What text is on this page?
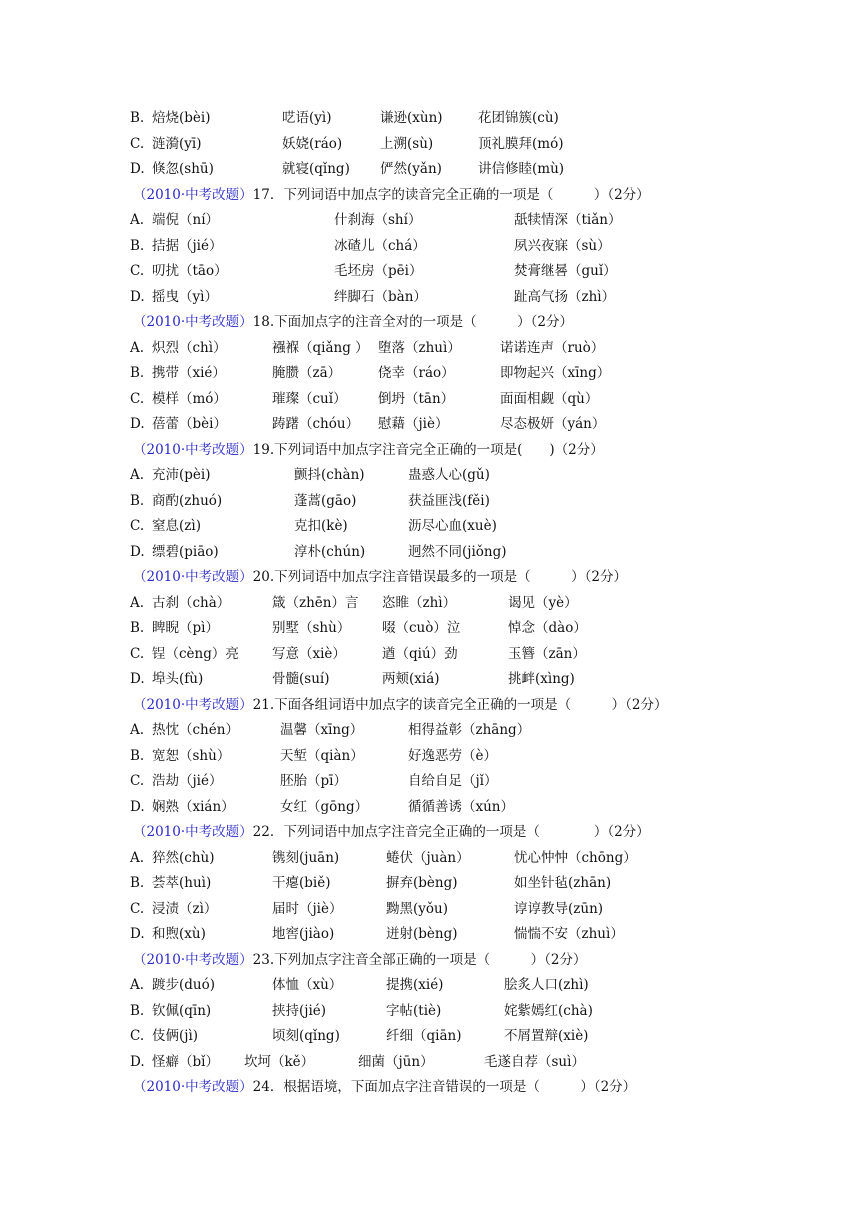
B. 焙烧(bèi)	呓语(yì)	谦逊(xùn)	花团锦簇(cù)
C. 涟漪(yī)	妖娆(ráo)	上溯(sù)	顶礼膜拜(mó)
D. 倏忽(shū)	就寝(qǐng) 俨然(yǎn)	讲信修睦(mù)
（2010·中考改题）17．下列词语中加点字的读音完全正确的一项是（　　　）（2分）
A. 端倪（ní）	什刹海（shí）	舐犊情深（tiǎn）
B. 拮据（jié）	冰碴儿（chá）	夙兴夜寐（sù）
C. 叨扰（tāo）	毛坯房（pēi）	焚膏继晷（guǐ）
D. 摇曳（yì）	绊脚石（bàn）	趾高气扬（zhì）
（2010·中考改题）18.下面加点字的注音全对的一项是（　　　）（2分）
A. 炽烈（chì）	襁褓（qiǎng ） 堕落（zhuì）	诺诺连声（ruò）
B. 携带（xié）	腌臜（zā）	侥幸（ráo）	即物起兴（xīng）
C. 模样（mó）	璀璨（cuǐ） 倒坍（tān）	面面相觑（qù）
D. 蓓蕾（bèi）	踌躇（chóu） 慰藉（jiè）	尽态极妍（yán）
（2010·中考改题）19.下列词语中加点字注音完全正确的一项是(　　)（2分）
A. 充沛(pèi)	颤抖(chàn)	蛊惑人心(gǔ)
B. 商酌(zhuó)	蓬蒿(gāo)	获益匪浅(fěi)
C. 窒息(zì)	克扣(kè)	沥尽心血(xuè)
D. 缥碧(piāo)	淳朴(chún)	迥然不同(jiǒng)
（2010·中考改题）20.下列词语中加点字注音错误最多的一项是（　　　）（2分）
A. 古刹（chà）	箴（zhēn）言 恣睢（zhì）	谒见（yè）
B. 睥睨（pì）	别墅（shù） 啜（cuò）泣	悼念（dào）
C. 锃（cèng）亮 写意（xiè）	遒（qiú）劲	玉簪（zān）
D. 埠头(fù)	骨髓(suí)	两颊(xiá)	挑衅(xìng)
（2010·中考改题）21.下面各组词语中加点字的读音完全正确的一项是（　　　）（2分）
A. 热忱（chén）	温馨（xīng）	相得益彰（zhāng）
B. 宽恕（shù）	天堑（qiàn）	好逸恶劳（è）
C. 浩劫（jié）	胚胎（pī）	自给自足（jǐ）
D. 娴熟（xián）	女红（gōng）	循循善诱（xún）
（2010·中考改题）22．下列词语中加点字注音完全正确的一项是（　　　　）（2分）
A. 猝然(chù)	镌刻(juān)	蜷伏（juàn）	忧心忡忡（chōng）
B. 荟萃(huì)	干瘪(biě)	摒弃(bèng)	如坐针毡(zhān)
C. 浸渍（zì）	届时（jiè）	黝黑(yǒu)	谆谆教导(zūn)
D. 和煦(xù)	地窖(jiào)	迸射(bèng)	惴惴不安（zhuì）
（2010·中考改题）23.下列加点字注音全部正确的一项是（　　　）（2分）
A. 踱步(duó)	体恤（xù）	提携(xié)	脍炙人口(zhì)
B. 钦佩(qīn)	挟持(jié)	字帖(tiè)	姹紫嫣红(chà)
C. 伎俩(jì)	顷刻(qǐng)	纤细（qiān)	不屑置辩(xiè)
D. 怪癖（bǐ） 坎坷（kě）	细菌（jūn）	毛遂自荐（suì）
（2010·中考改题）24．根据语境，下面加点字注音错误的一项是（　　　）（2分）
